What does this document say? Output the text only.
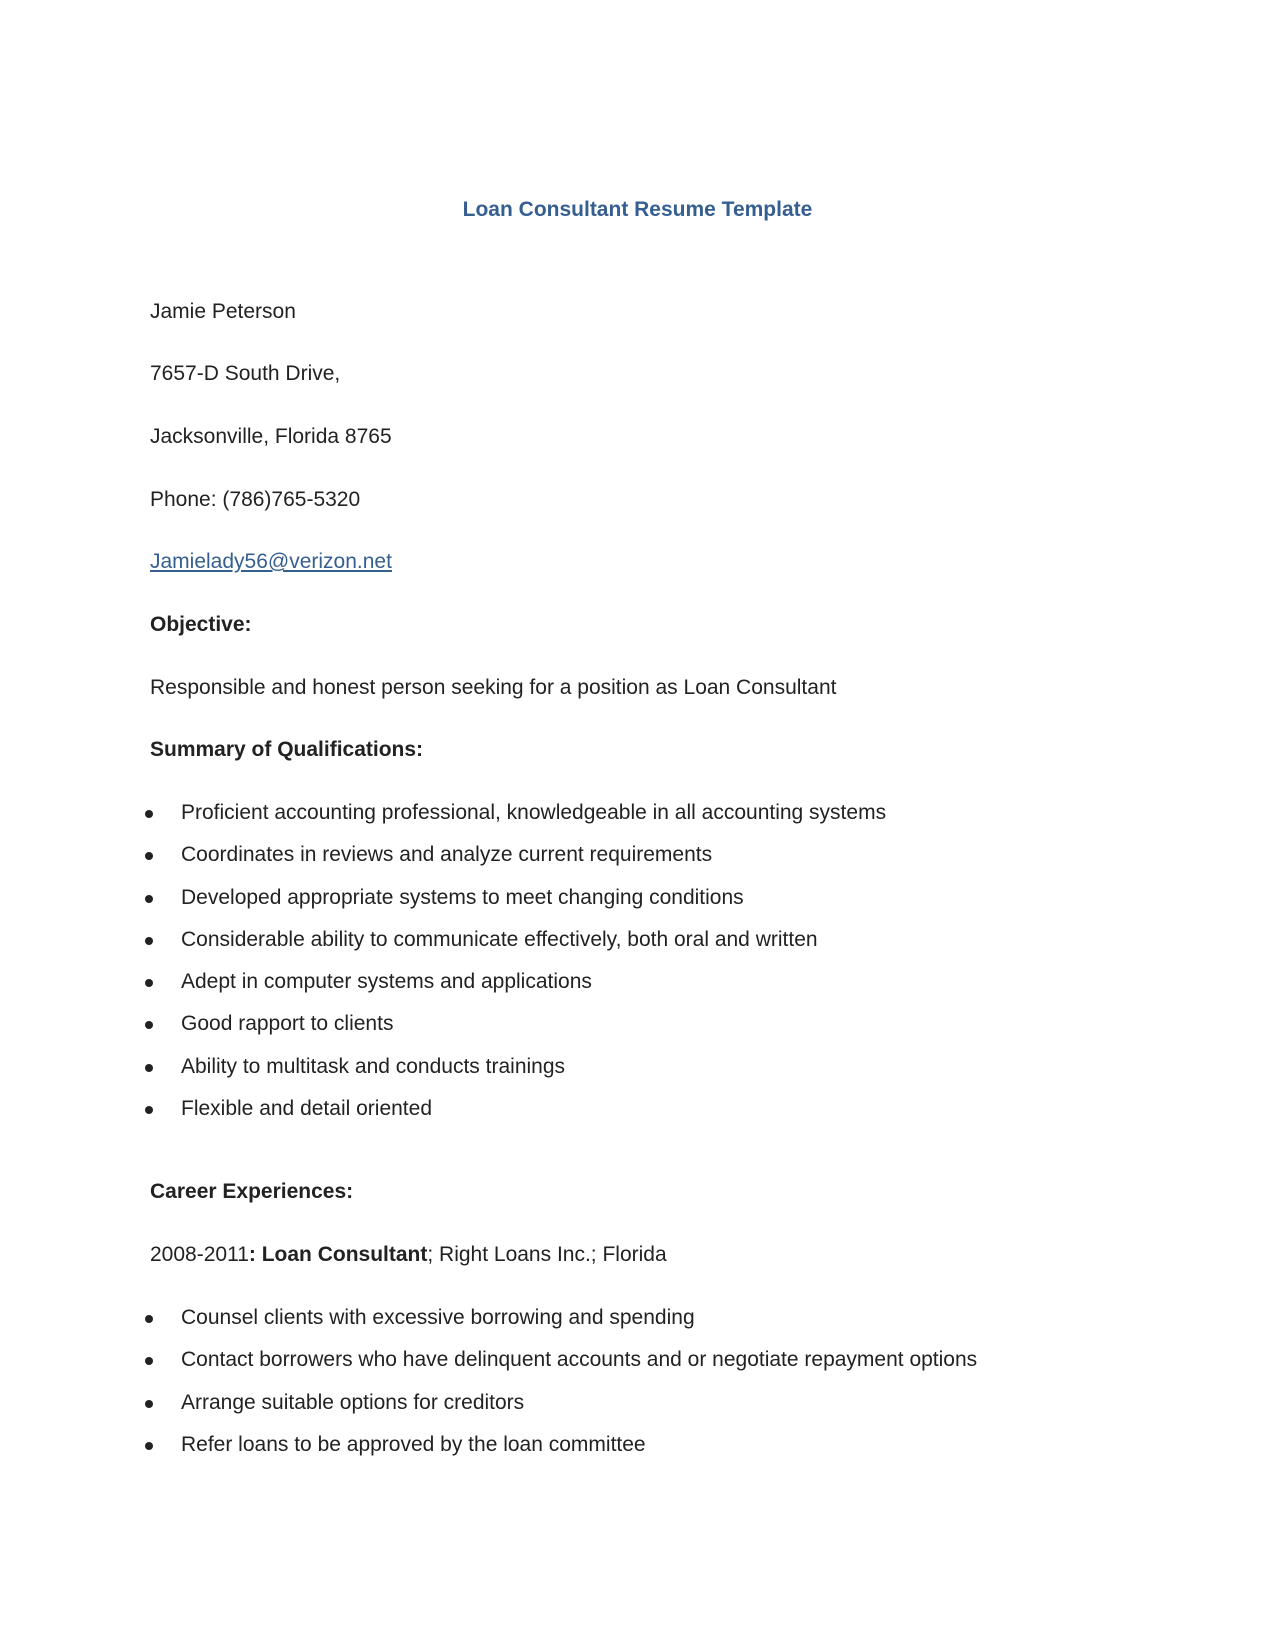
Loan Consultant Resume Template

Jamie Peterson

7657-D South Drive,

Jacksonville, Florida 8765

Phone: (786)765-5320

Jamielady56@verizon.net

Objective:

Responsible and honest person seeking for a position as Loan Consultant

Summary of Qualifications:

Proficient accounting professional, knowledgeable in all accounting systems
Coordinates in reviews and analyze current requirements
Developed appropriate systems to meet changing conditions
Considerable ability to communicate effectively, both oral and written
Adept in computer systems and applications
Good rapport to clients
Ability to multitask and conducts trainings
Flexible and detail oriented

Career Experiences:

2008-2011: Loan Consultant; Right Loans Inc.; Florida

Counsel clients with excessive borrowing and spending
Contact borrowers who have delinquent accounts and or negotiate repayment options
Arrange suitable options for creditors
Refer loans to be approved by the loan committee
